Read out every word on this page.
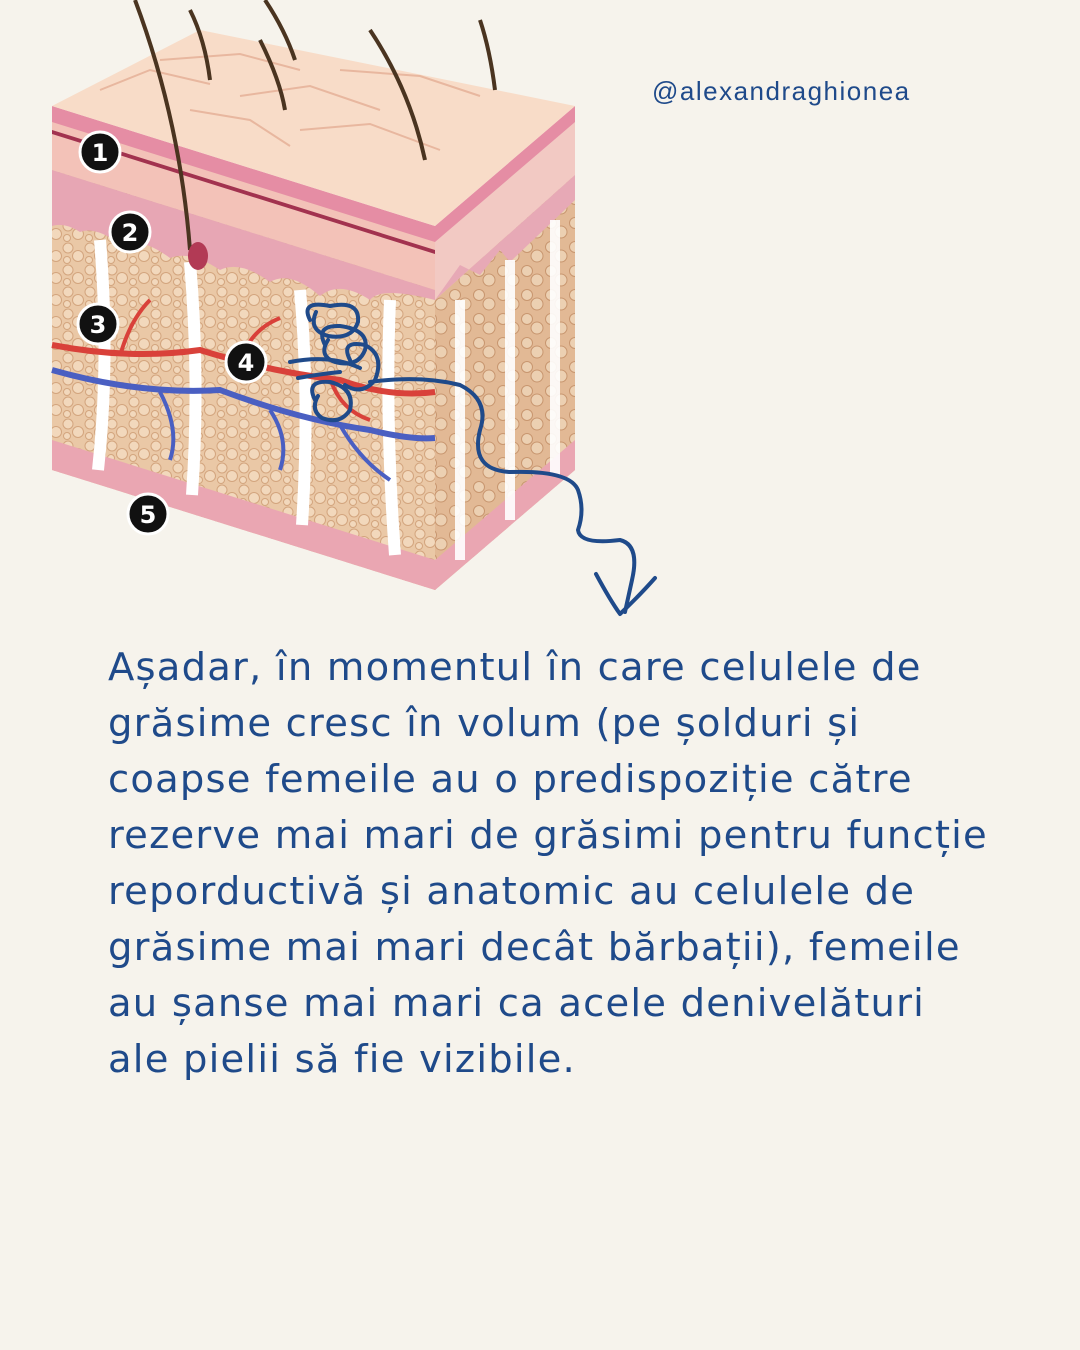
@alexandraghionea
1
2
3
4
5

Așadar, în momentul în care celulele de grăsime cresc în volum (pe șolduri și coapse femeile au o predispoziție către rezerve mai mari de grăsimi pentru funcție reporductivă și anatomic au celulele de grăsime mai mari decât bărbații), femeile au șanse mai mari ca acele denivelături ale pielii să fie vizibile.
